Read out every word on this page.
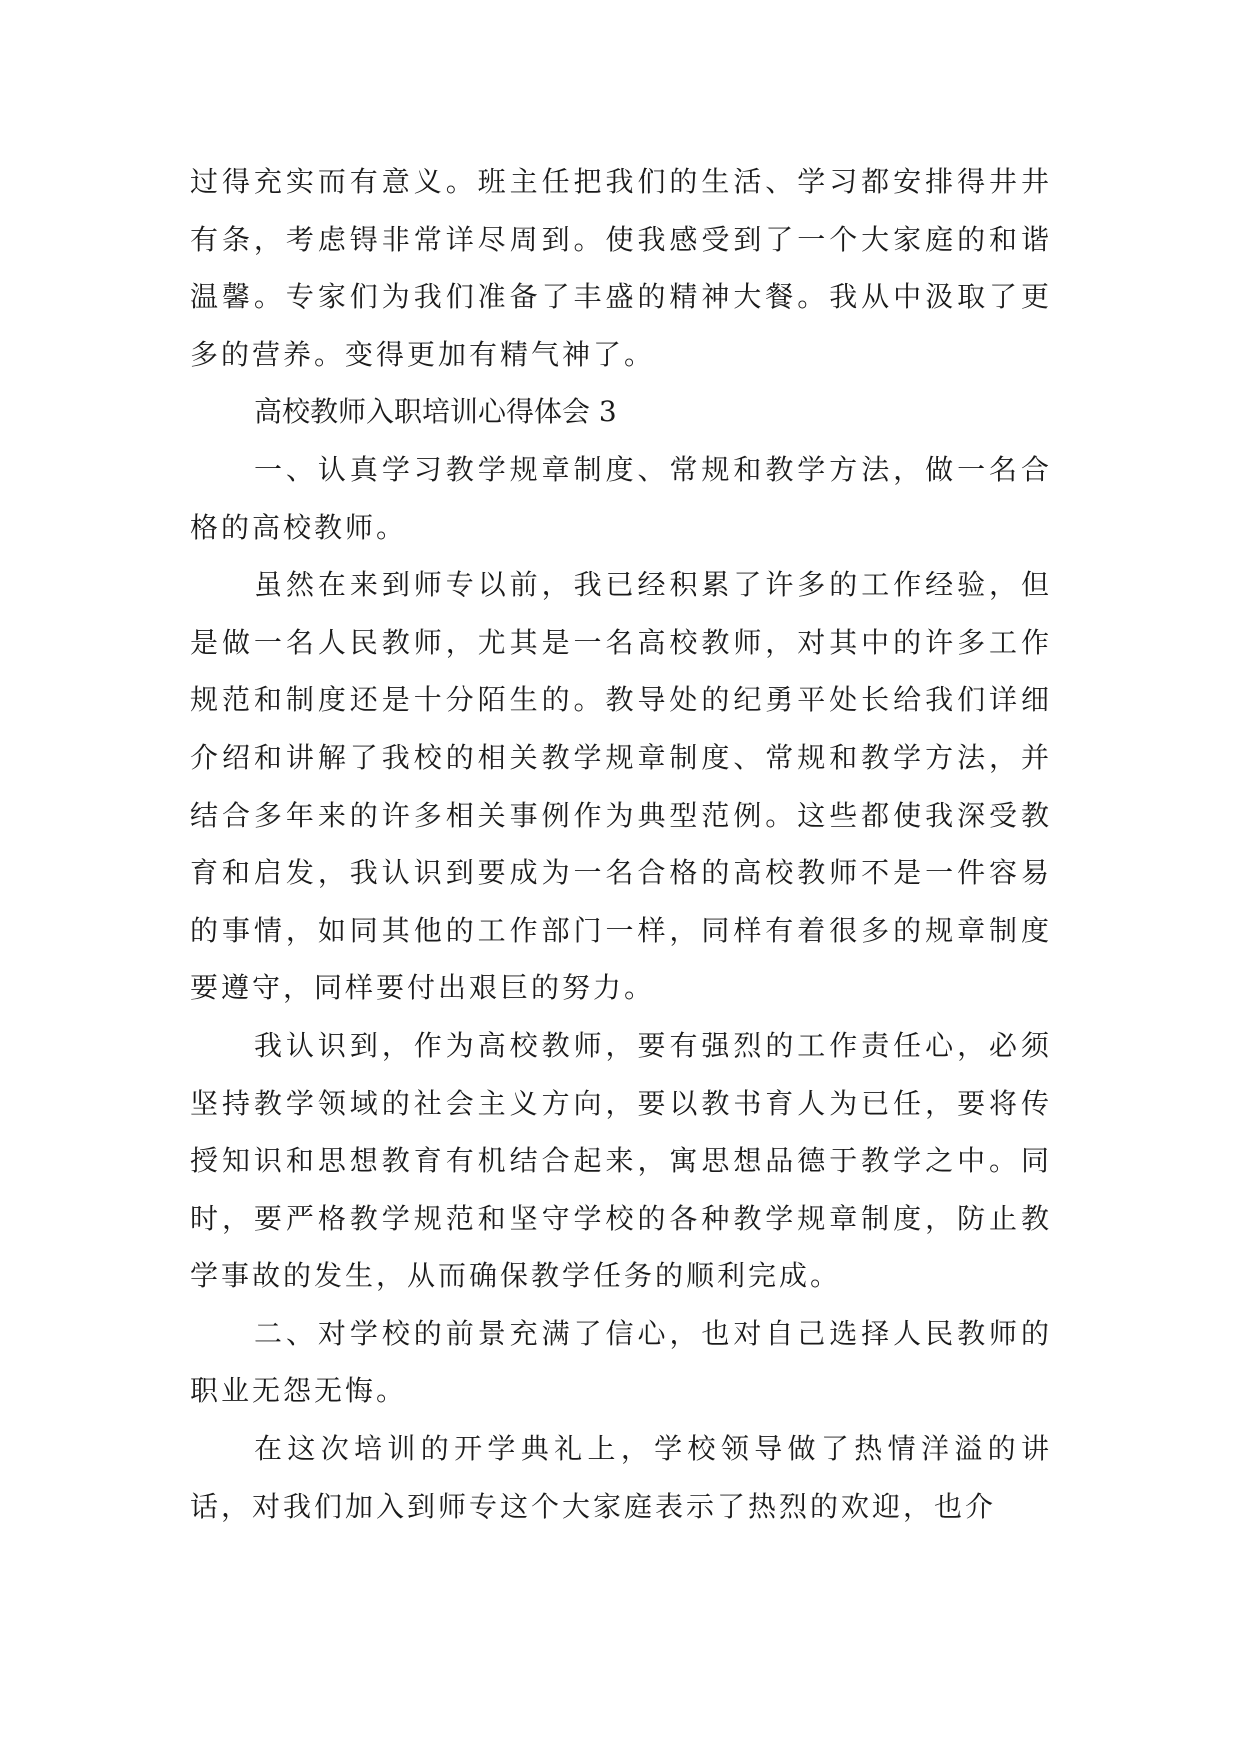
过得充实而有意义。班主任把我们的生活、学习都安排得井井有条，考虑锝非常详尽周到。使我感受到了一个大家庭的和谐温馨。专家们为我们准备了丰盛的精神大餐。我从中汲取了更多的营养。变得更加有精气神了。

高校教师入职培训心得体会 3

一、认真学习教学规章制度、常规和教学方法，做一名合格的高校教师。

虽然在来到师专以前，我已经积累了许多的工作经验，但是做一名人民教师，尤其是一名高校教师，对其中的许多工作规范和制度还是十分陌生的。教导处的纪勇平处长给我们详细介绍和讲解了我校的相关教学规章制度、常规和教学方法，并结合多年来的许多相关事例作为典型范例。这些都使我深受教育和启发，我认识到要成为一名合格的高校教师不是一件容易的事情，如同其他的工作部门一样，同样有着很多的规章制度要遵守，同样要付出艰巨的努力。

我认识到，作为高校教师，要有强烈的工作责任心，必须坚持教学领域的社会主义方向，要以教书育人为已任，要将传授知识和思想教育有机结合起来，寓思想品德于教学之中。同时，要严格教学规范和坚守学校的各种教学规章制度，防止教学事故的发生，从而确保教学任务的顺利完成。

二、对学校的前景充满了信心，也对自己选择人民教师的职业无怨无悔。

在这次培训的开学典礼上，学校领导做了热情洋溢的讲话，对我们加入到师专这个大家庭表示了热烈的欢迎，也介
